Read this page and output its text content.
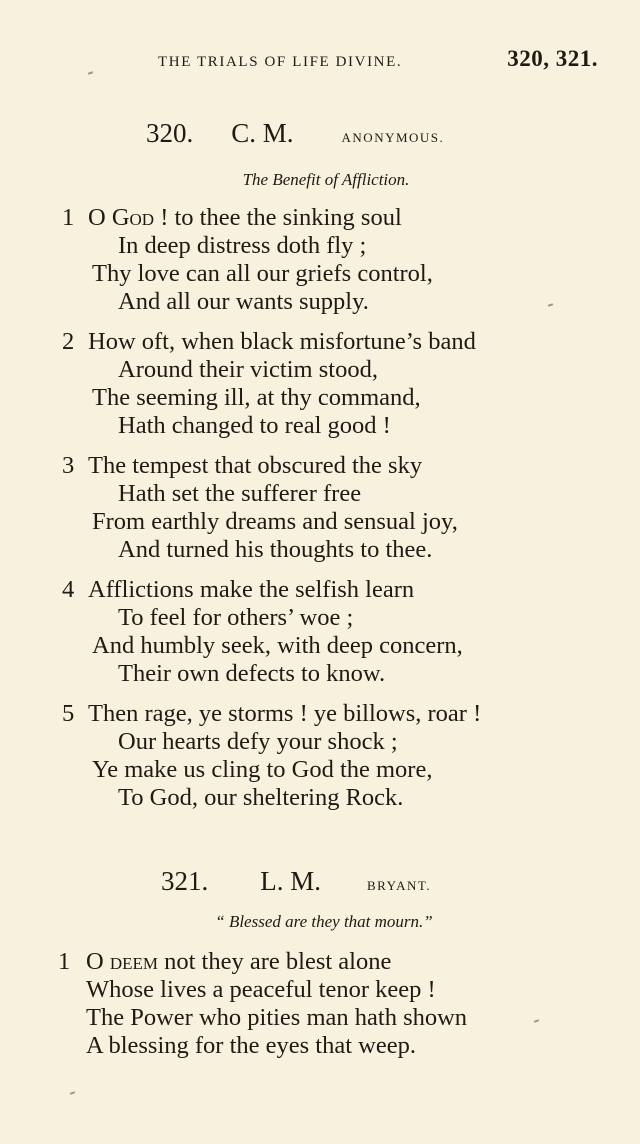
THE TRIALS OF LIFE DIVINE.	320, 321.
320. C. M.	ANONYMOUS.
The Benefit of Affliction.
1 O God ! to thee the sinking soul
In deep distress doth fly ;
Thy love can all our griefs control,
And all our wants supply.
2 How oft, when black misfortune’s band
Around their victim stood,
The seeming ill, at thy command,
Hath changed to real good !
3 The tempest that obscured the sky
Hath set the sufferer free
From earthly dreams and sensual joy,
And turned his thoughts to thee.
4 Afflictions make the selfish learn
To feel for others’ woe ;
And humbly seek, with deep concern,
Their own defects to know.
5 Then rage, ye storms ! ye billows, roar !
Our hearts defy your shock ;
Ye make us cling to God the more,
To God, our sheltering Rock.
321. L. M.	BRYANT.
“ Blessed are they that mourn.”
1 O deem not they are blest alone
Whose lives a peaceful tenor keep !
The Power who pities man hath shown
A blessing for the eyes that weep.
